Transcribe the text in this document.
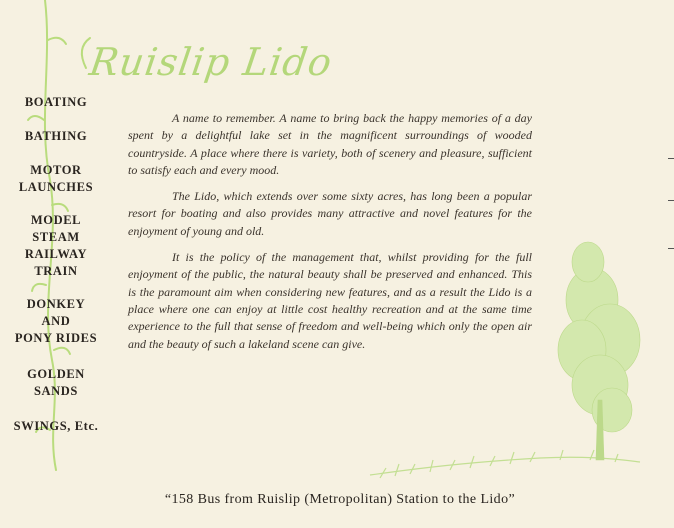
Ruislip Lido
BOATING
BATHING
MOTOR
LAUNCHES
MODEL
STEAM
RAILWAY
TRAIN
DONKEY
AND
PONY RIDES
GOLDEN
SANDS
SWINGS, Etc.

A name to remember. A name to bring back the happy memories of a day spent by a delightful lake set in the magnificent surroundings of wooded countryside. A place where there is variety, both of scenery and pleasure, sufficient to satisfy each and every mood.

The Lido, which extends over some sixty acres, has long been a popular resort for boating and also provides many attractive and novel features for the enjoyment of young and old.

It is the policy of the management that, whilst providing for the full enjoyment of the public, the natural beauty shall be preserved and enhanced. This is the paramount aim when considering new features, and as a result the Lido is a place where one can enjoy at little cost healthy recreation and at the same time experience to the full that sense of freedom and well-being which only the open air and the beauty of such a lakeland scene can give.

“158 Bus from Ruislip (Metropolitan) Station to the Lido”
